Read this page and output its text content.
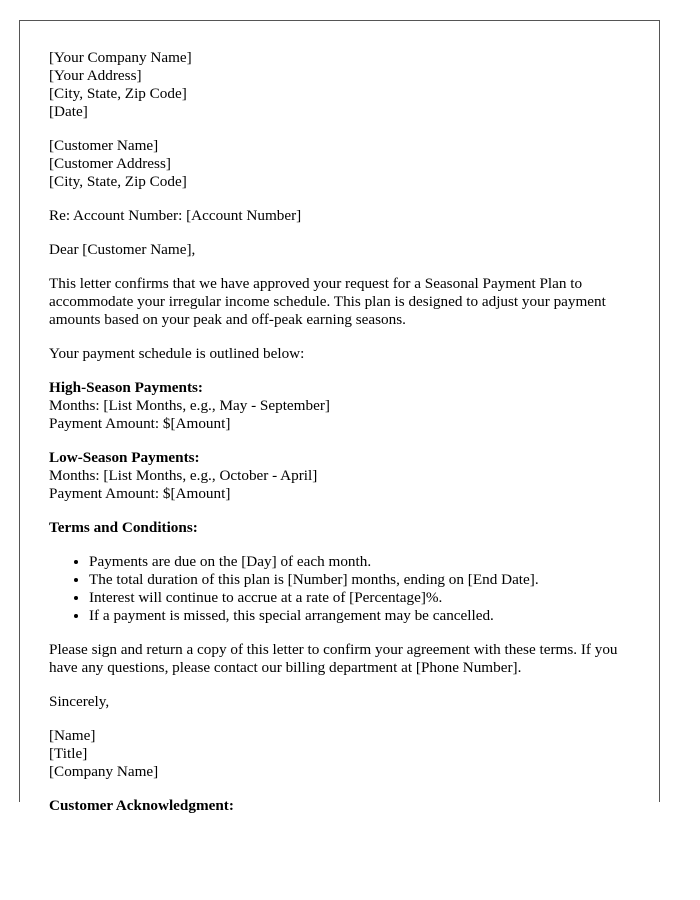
[Your Company Name]
[Your Address]
[City, State, Zip Code]
[Date]
[Customer Name]
[Customer Address]
[City, State, Zip Code]

Re: Account Number: [Account Number]

Dear [Customer Name],

This letter confirms that we have approved your request for a Seasonal Payment Plan to accommodate your irregular income schedule. This plan is designed to adjust your payment amounts based on your peak and off-peak earning seasons.

Your payment schedule is outlined below:

High-Season Payments:
Months: [List Months, e.g., May - September]
Payment Amount: $[Amount]
Low-Season Payments:
Months: [List Months, e.g., October - April]
Payment Amount: $[Amount]

Terms and Conditions:

• Payments are due on the [Day] of each month.
• The total duration of this plan is [Number] months, ending on [End Date].
• Interest will continue to accrue at a rate of [Percentage]%.
• If a payment is missed, this special arrangement may be cancelled.

Please sign and return a copy of this letter to confirm your agreement with these terms. If you have any questions, please contact our billing department at [Phone Number].

Sincerely,

[Name]
[Title]
[Company Name]

Customer Acknowledgment:
